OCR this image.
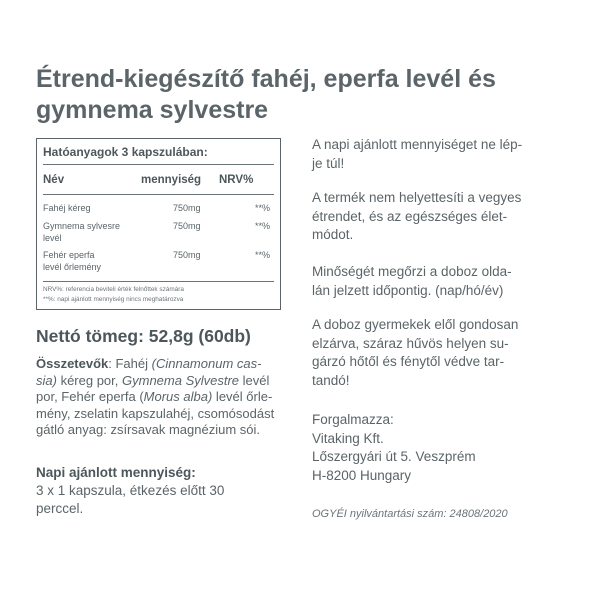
Étrend-kiegészítő fahéj, eperfa levél és
gymnema sylvestre
Hatóanyagok 3 kapszulában:
Név	mennyiség NRV%
Fahéj kéreg	750mg	**%
Gymnema sylvesre
levél
750mg	**%
Fehér eperfa
levél őrlemény
750mg	**%
NRV%: referencia beviteli érték felnőttek számára
**%: napi ajánlott mennyiség nincs meghatározva
Nettó tömeg: 52,8g (60db)
Összetevők: Fahéj (Cinnamonum cas-
sia) kéreg por, Gymnema Sylvestre levél
por, Fehér eperfa (Morus alba) levél őrle-
mény, zselatin kapszulahéj, csomósodást
gátló anyag: zsírsavak magnézium sói.
Napi ajánlott mennyiség:
3 x 1 kapszula, étkezés előtt 30
perccel.
A napi ajánlott mennyiséget ne lép-
je túl!
A termék nem helyettesíti a vegyes
étrendet, és az egészséges élet-
módot.
Minőségét megőrzi a doboz olda-
lán jelzett időpontig. (nap/hó/év)
A doboz gyermekek elől gondosan
elzárva, száraz hűvös helyen su-
gárzó hőtől és fénytől védve tar-
tandó!
Forgalmazza:
Vitaking Kft.
Lőszergyári út 5. Veszprém
H-8200 Hungary
OGYÉI nyilvántartási szám: 24808/2020
